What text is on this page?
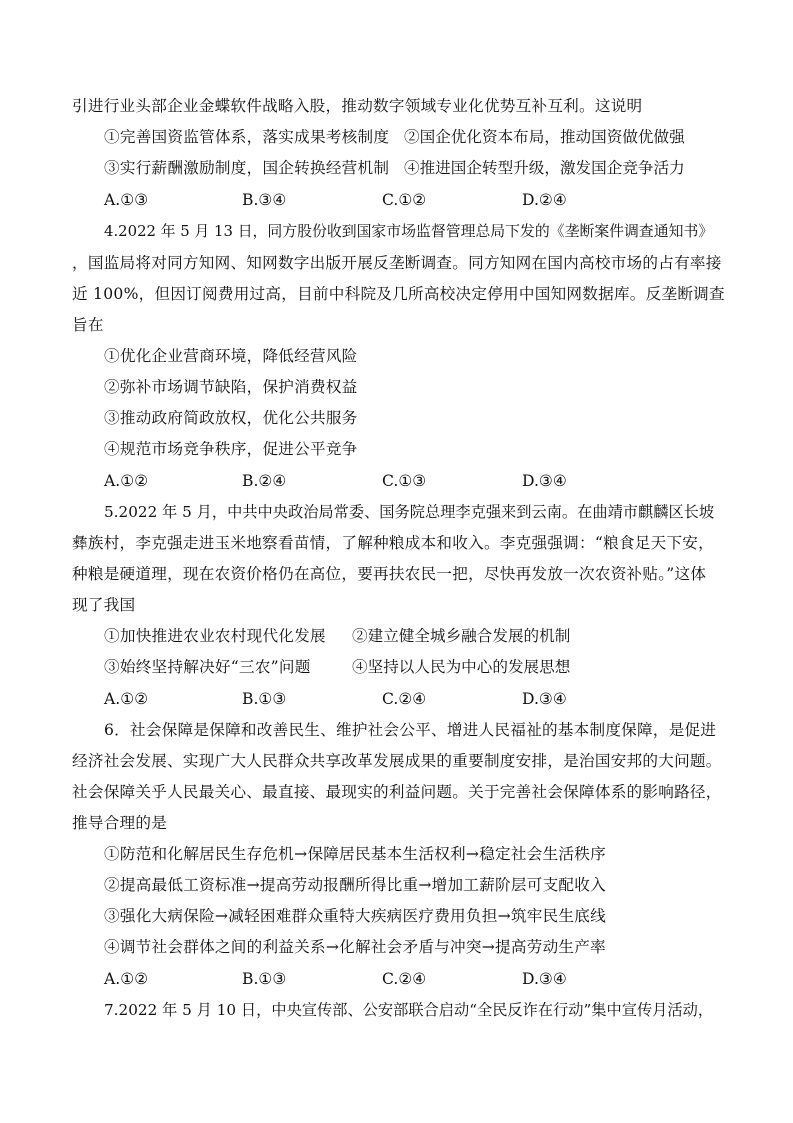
引进行业头部企业金蝶软件战略入股，推动数字领域专业化优势互补互利。这说明
①完善国资监管体系，落实成果考核制度 ②国企优化资本布局，推动国资做优做强
③实行薪酬激励制度，国企转换经营机制 ④推进国企转型升级，激发国企竞争活力
A.①③	B.③④	C.①②	D.②④
4.2022 年 5 月 13 日，同方股份收到国家市场监督管理总局下发的《垄断案件调查通知书》
，国监局将对同方知网、知网数字出版开展反垄断调查。同方知网在国内高校市场的占有率接
近 100%，但因订阅费用过高，目前中科院及几所高校决定停用中国知网数据库。反垄断调查
旨在
①优化企业营商环境，降低经营风险
②弥补市场调节缺陷，保护消费权益
③推动政府简政放权，优化公共服务
④规范市场竞争秩序，促进公平竞争
A.①②	B.②④	C.①③	D.③④
5.2022 年 5 月，中共中央政治局常委、国务院总理李克强来到云南。在曲靖市麒麟区长坡
彝族村，李克强走进玉米地察看苗情，了解种粮成本和收入。李克强强调：“粮食足天下安，
种粮是硬道理，现在农资价格仍在高位，要再扶农民一把，尽快再发放一次农资补贴。”这体
现了我国
①加快推进农业农村现代化发展 ②建立健全城乡融合发展的机制
③始终坚持解决好“三农”问题	④坚持以人民为中心的发展思想
A.①②	B.①③	C.②④	D.③④
6．社会保障是保障和改善民生、维护社会公平、增进人民福祉的基本制度保障，是促进
经济社会发展、实现广大人民群众共享改革发展成果的重要制度安排，是治国安邦的大问题。
社会保障关乎人民最关心、最直接、最现实的利益问题。关于完善社会保障体系的影响路径，
推导合理的是
①防范和化解居民生存危机→保障居民基本生活权利→稳定社会生活秩序
②提高最低工资标准→提高劳动报酬所得比重→增加工薪阶层可支配收入
③强化大病保险→减轻困难群众重特大疾病医疗费用负担→筑牢民生底线
④调节社会群体之间的利益关系→化解社会矛盾与冲突→提高劳动生产率
A.①②	B.①③	C.②④	D.③④
7.2022 年 5 月 10 日，中央宣传部、公安部联合启动“全民反诈在行动”集中宣传月活动，
